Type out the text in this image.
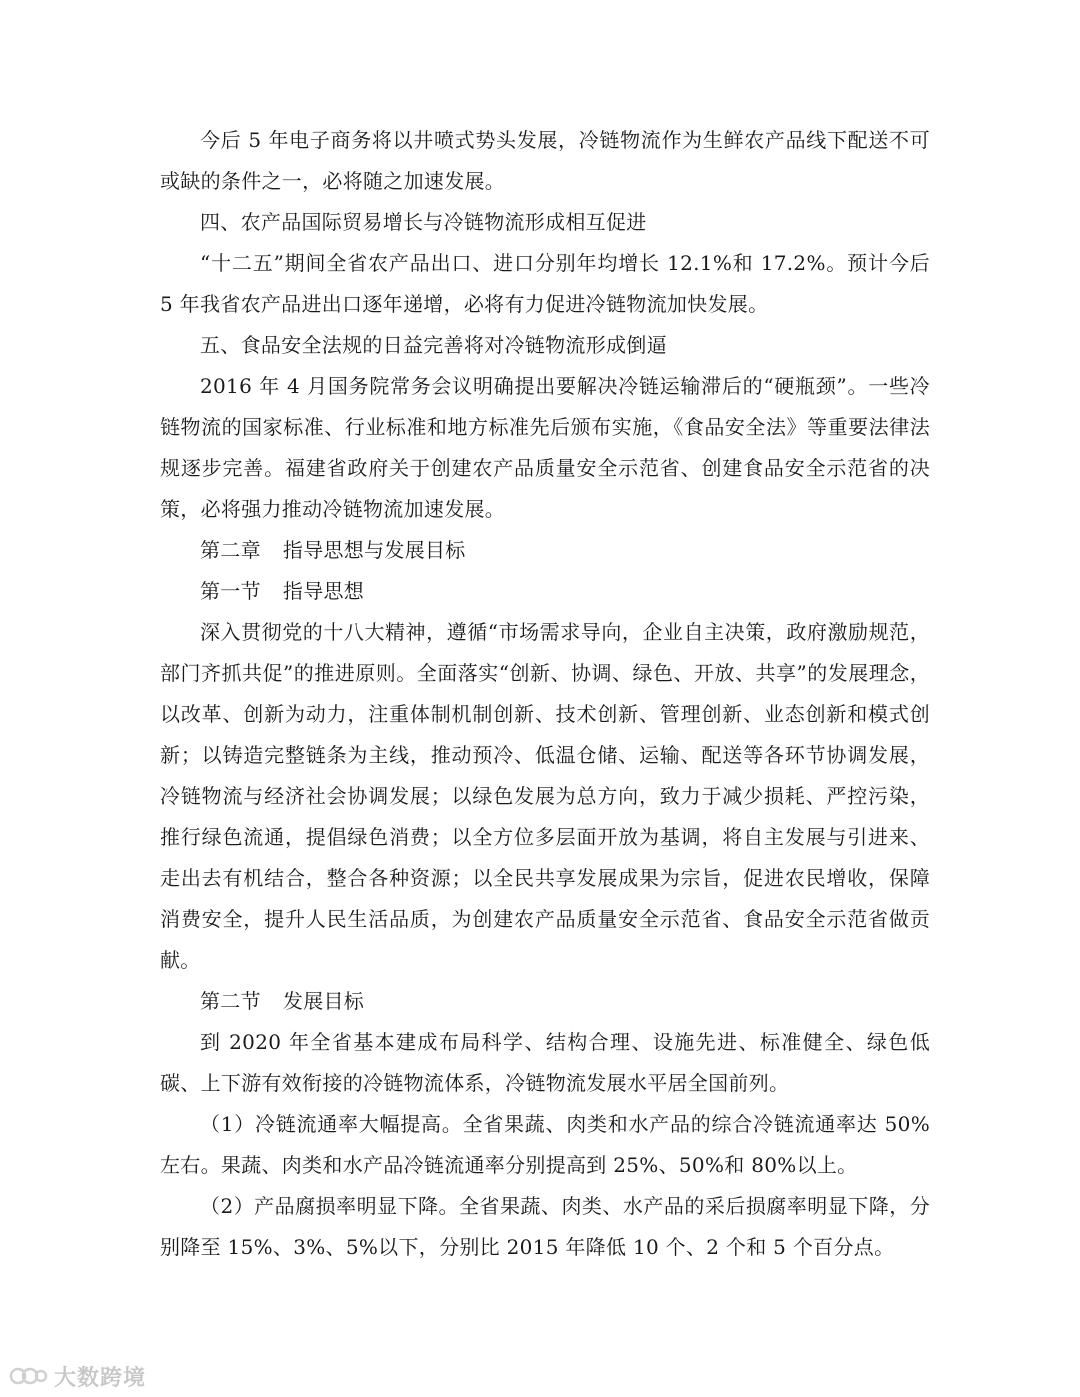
今后 5 年电子商务将以井喷式势头发展，冷链物流作为生鲜农产品线下配送不可或缺的条件之一，必将随之加速发展。

四、农产品国际贸易增长与冷链物流形成相互促进

“十二五”期间全省农产品出口、进口分别年均增长 12.1%和 17.2%。预计今后 5 年我省农产品进出口逐年递增，必将有力促进冷链物流加快发展。

五、食品安全法规的日益完善将对冷链物流形成倒逼

2016 年 4 月国务院常务会议明确提出要解决冷链运输滞后的“硬瓶颈”。一些冷链物流的国家标准、行业标准和地方标准先后颁布实施，《食品安全法》等重要法律法规逐步完善。福建省政府关于创建农产品质量安全示范省、创建食品安全示范省的决策，必将强力推动冷链物流加速发展。

第二章 指导思想与发展目标

第一节 指导思想

深入贯彻党的十八大精神，遵循“市场需求导向，企业自主决策，政府激励规范，部门齐抓共促”的推进原则。全面落实“创新、协调、绿色、开放、共享”的发展理念，以改革、创新为动力，注重体制机制创新、技术创新、管理创新、业态创新和模式创新；以铸造完整链条为主线，推动预冷、低温仓储、运输、配送等各环节协调发展，冷链物流与经济社会协调发展；以绿色发展为总方向，致力于减少损耗、严控污染，推行绿色流通，提倡绿色消费；以全方位多层面开放为基调，将自主发展与引进来、走出去有机结合，整合各种资源；以全民共享发展成果为宗旨，促进农民增收，保障消费安全，提升人民生活品质，为创建农产品质量安全示范省、食品安全示范省做贡献。

第二节 发展目标

到 2020 年全省基本建成布局科学、结构合理、设施先进、标准健全、绿色低碳、上下游有效衔接的冷链物流体系，冷链物流发展水平居全国前列。

（1）冷链流通率大幅提高。全省果蔬、肉类和水产品的综合冷链流通率达 50%左右。果蔬、肉类和水产品冷链流通率分别提高到 25%、50%和 80%以上。

（2）产品腐损率明显下降。全省果蔬、肉类、水产品的采后损腐率明显下降，分别降至 15%、3%、5%以下，分别比 2015 年降低 10 个、2 个和 5 个百分点。

大数跨境
